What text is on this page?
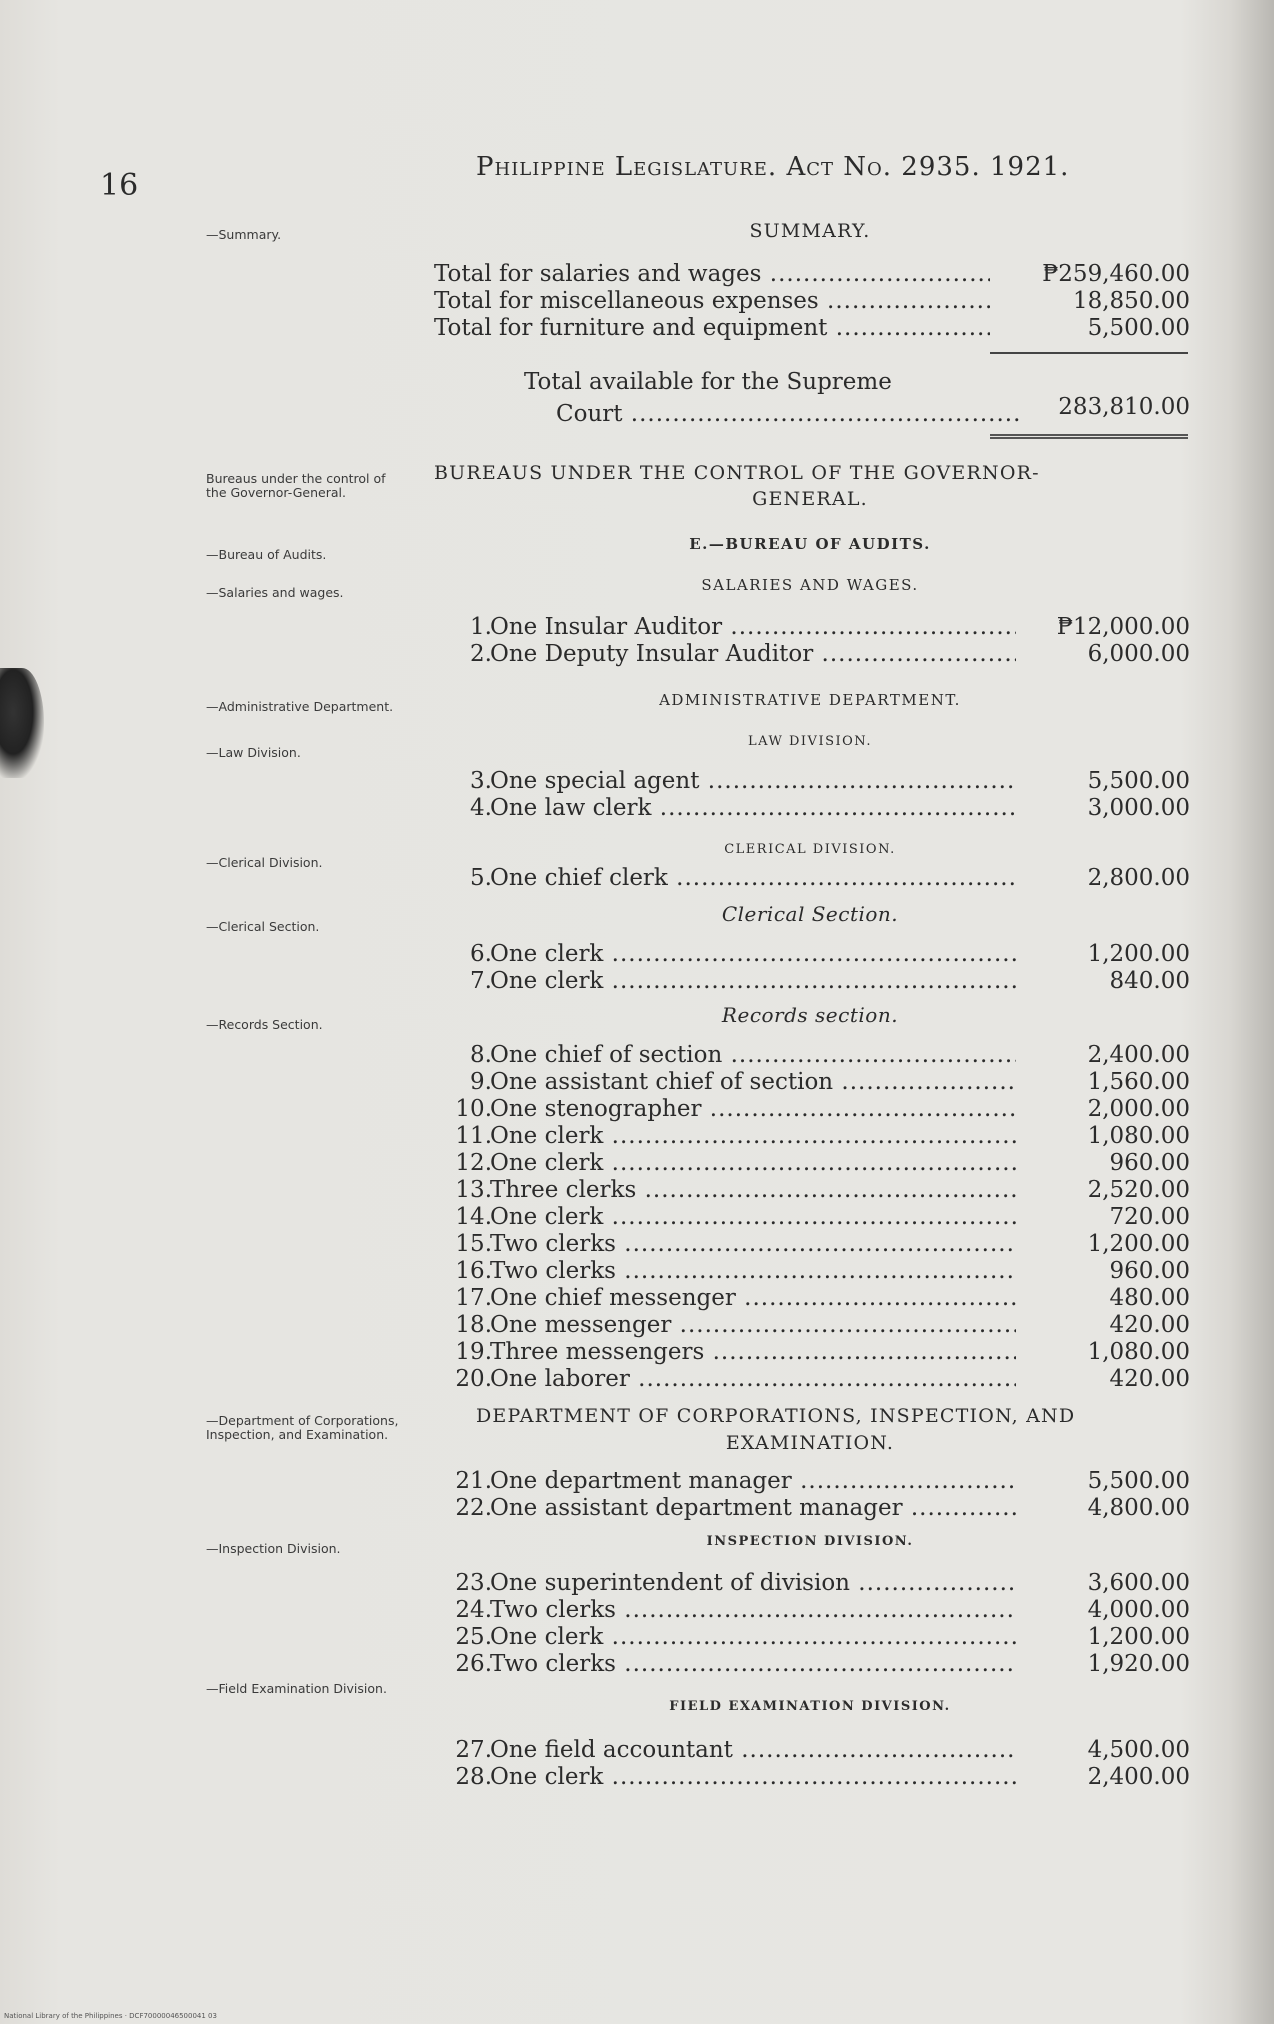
16
Philippine Legislature. Act No. 2935. 1921.
—Summary.
Bureaus under the control of the Governor-General.
—Bureau of Audits.
—Salaries and wages.
—Administrative Department.
—Law Division.
—Clerical Division.
—Clerical Section.
—Records Section.
—Department of Corporations, Inspection, and Examination.
—Inspection Division.
—Field Examination Division.
SUMMARY.
Total for salaries and wages .....	₱259,460.00
Total for miscellaneous expenses .....	18,850.00
Total for furniture and equipment .....	5,500.00
Total available for the Supreme
Court .....	283,810.00
BUREAUS UNDER THE CONTROL OF THE GOVERNOR-
GENERAL.
E.—BUREAU OF AUDITS.
SALARIES AND WAGES.
1.
One Insular Auditor .....	₱12,000.00
2.
One Deputy Insular Auditor .....	6,000.00
ADMINISTRATIVE DEPARTMENT.
LAW DIVISION.
3.
One special agent .....	5,500.00
4.
One law clerk .....	3,000.00
CLERICAL DIVISION.
5.
One chief clerk .....	2,800.00
Clerical Section.
6.
One clerk .....	1,200.00
7.
One clerk .....	840.00
Records section.
8.
One chief of section .....	2,400.00
9.
One assistant chief of section .....	1,560.00
10.
One stenographer .....	2,000.00
11.
One clerk .....	1,080.00
12.
One clerk .....	960.00
13.
Three clerks .....	2,520.00
14.
One clerk .....	720.00
15.
Two clerks .....	1,200.00
16.
Two clerks .....	960.00
17.
One chief messenger .....	480.00
18.
One messenger .....	420.00
19.
Three messengers .....	1,080.00
20.
One laborer .....	420.00
DEPARTMENT OF CORPORATIONS, INSPECTION, AND
EXAMINATION.
21.
One department manager .....	5,500.00
22.
One assistant department manager .....	4,800.00
INSPECTION DIVISION.
23.
One superintendent of division .....	3,600.00
24.
Two clerks .....	4,000.00
25.
One clerk .....	1,200.00
26.
Two clerks .....	1,920.00
FIELD EXAMINATION DIVISION.
27.
One field accountant .....	4,500.00
28.
One clerk .....	2,400.00
National Library of the Philippines · DCF70000046500041 03
